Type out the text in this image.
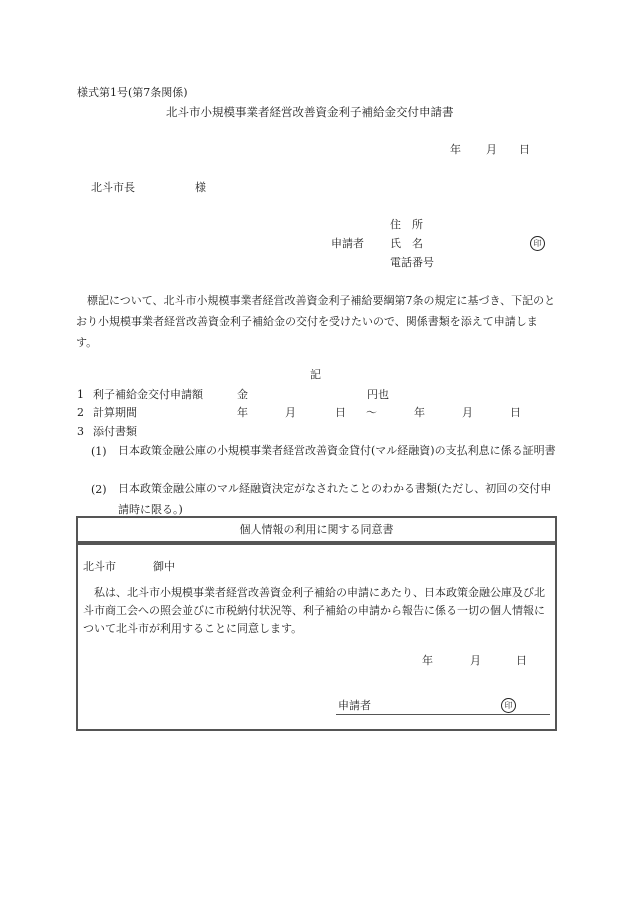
様式第1号(第7条関係)
北斗市小規模事業者経営改善資金利子補給金交付申請書
年 月 日
北斗市長	様
住　所
申請者 氏　名	印
電話番号
標記について、北斗市小規模事業者経営改善資金利子補給要綱第7条の規定に基づき、下記のとおり小規模事業者経営改善資金利子補給金の交付を受けたいので、関係書類を添えて申請します。
記
1 利子補給金交付申請額	金	円也
2 計算期間	年	月	日 ～	年	月	日
3 添付書類
(1)	日本政策金融公庫の小規模事業者経営改善資金貸付(マル経融資)の支払利息に係る証明書
(2)	日本政策金融公庫のマル経融資決定がなされたことのわかる書類(ただし、初回の交付申請時に限る。)
個人情報の利用に関する同意書
北斗市	御中
私は、北斗市小規模事業者経営改善資金利子補給の申請にあたり、日本政策金融公庫及び北斗市商工会への照会並びに市税納付状況等、利子補給の申請から報告に係る一切の個人情報について北斗市が利用することに同意します。
年	月	日
申請者	印
